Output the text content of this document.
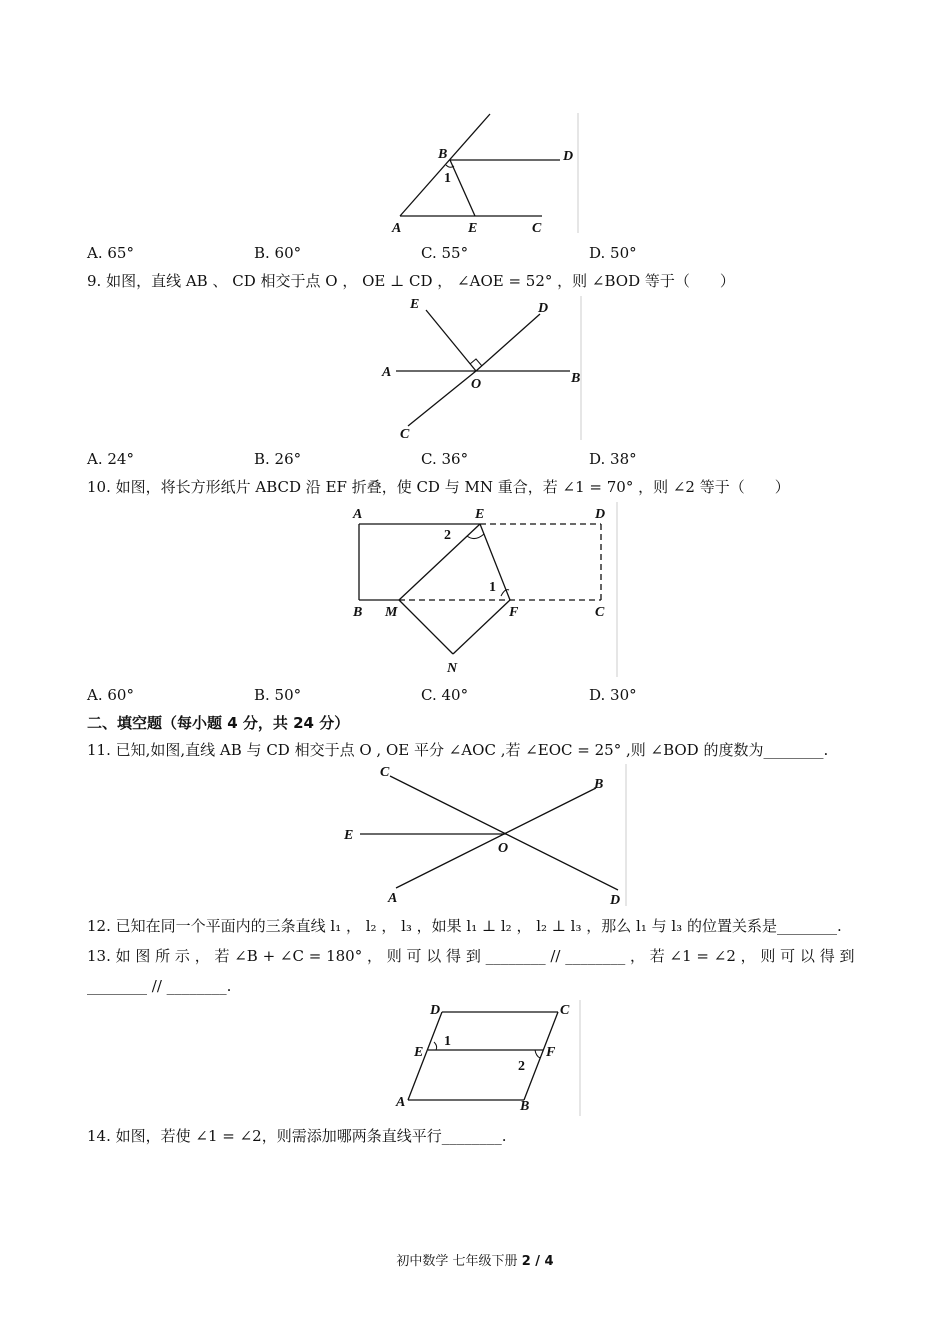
B	D
1
A	E	C
A. 65°	B. 60°	C. 55°	D. 50°
9. 如图，直线 AB 、 CD 相交于点 O ， OE ⊥ CD ， ∠AOE = 52° ，则 ∠BOD 等于（　　）
E	D
A
O	B
C
A. 24°	B. 26°	C. 36°	D. 38°
10. 如图，将长方形纸片 ABCD 沿 EF 折叠，使 CD 与 MN 重合，若 ∠1 = 70° ，则 ∠2 等于（　　）
A	E	D
2
1
B M	F	C
N
A. 60°	B. 50°	C. 40°	D. 30°
二、填空题（每小题 4 分，共 24 分）
11. 已知,如图,直线 AB 与 CD 相交于点 O , OE 平分 ∠AOC ,若 ∠EOC = 25° ,则 ∠BOD 的度数为________.
C
B
E
O
A	D
12. 已知在同一个平面内的三条直线 l₁ ， l₂ ， l₃ ，如果 l₁ ⊥ l₂ ， l₂ ⊥ l₃ ，那么 l₁ 与 l₃ 的位置关系是________.
13. 如 图 所 示 ， 若 ∠B + ∠C = 180° ， 则 可 以 得 到 ________ // ________ ， 若 ∠1 = ∠2 ， 则 可 以 得 到
________ // ________.
D	C
E
1
F
2
A	B
14. 如图，若使 ∠1 = ∠2，则需添加哪两条直线平行________.
初中数学 七年级下册 2 / 4
